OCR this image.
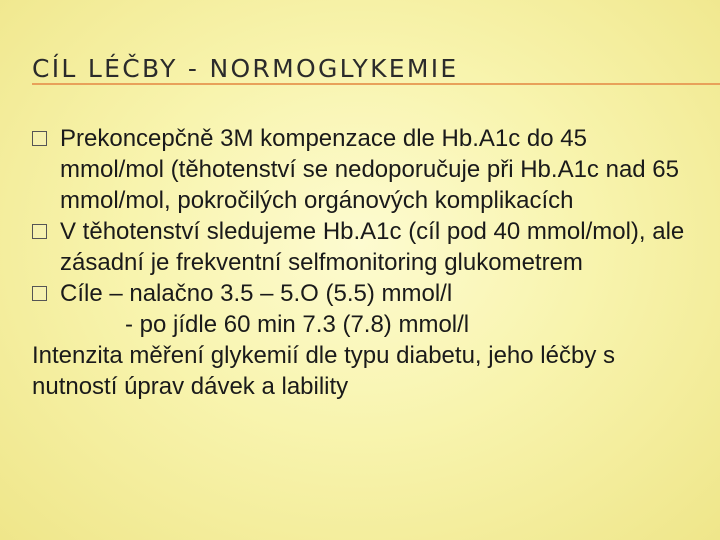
CÍL LÉČBY - NORMOGLYKEMIE
Prekoncepčně 3M kompenzace dle Hb.A1c do 45 mmol/mol (těhotenství se nedoporučuje při Hb.A1c nad 65 mmol/mol, pokročilých orgánových komplikacích
V těhotenství sledujeme Hb.A1c (cíl pod 40 mmol/mol), ale zásadní je frekventní selfmonitoring glukometrem
Cíle – nalačno 3.5 – 5.O (5.5) mmol/l
- po jídle 60 min 7.3 (7.8) mmol/l
Intenzita měření glykemií dle typu diabetu, jeho léčby s nutností úprav dávek a lability
